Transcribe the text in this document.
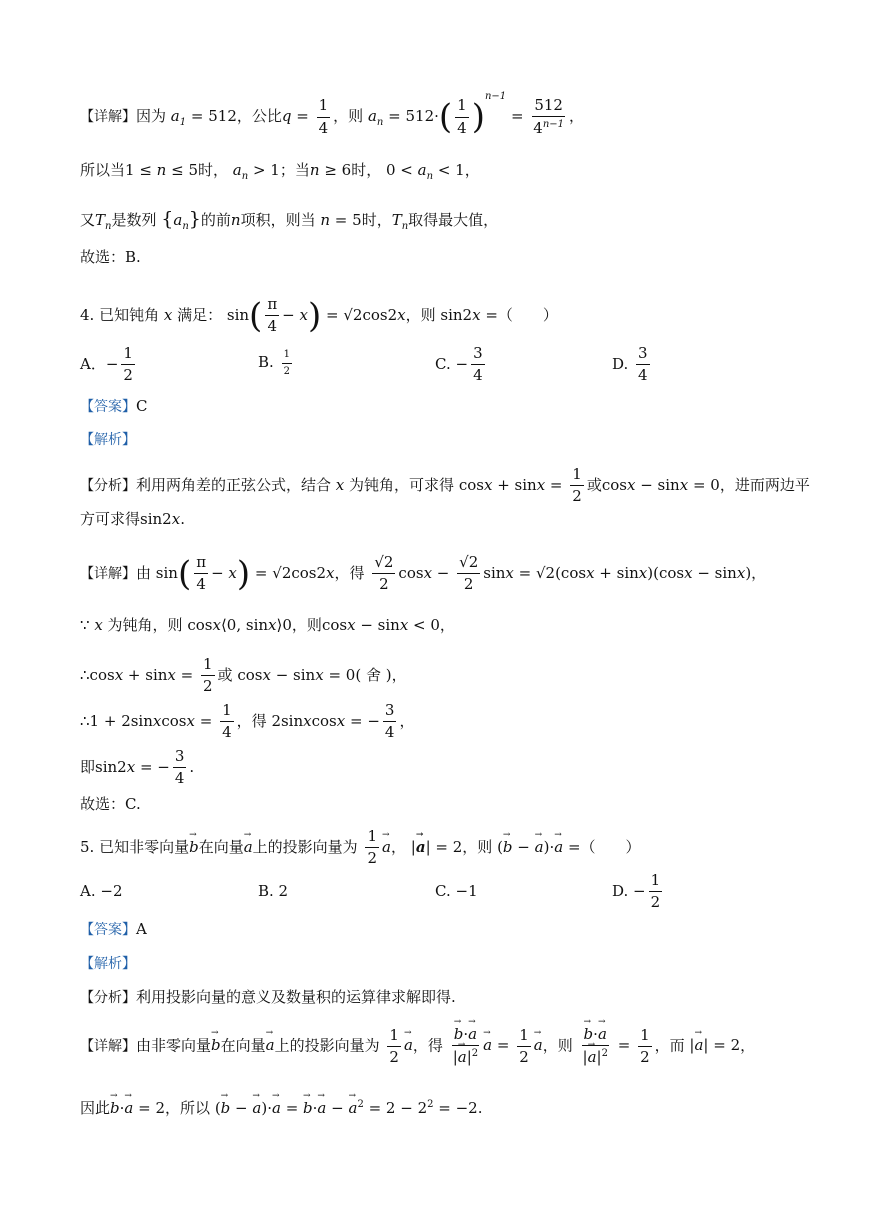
【详解】因为 $a_1 = 512$，公比$q = \frac{1}{4}$ ，则 $a_n = 512\cdot( \frac{1}{4} )^{n-1} = \frac{512}{4^{n-1}}$ ，
所以当1 ≤ n ≤ 5时， $a_n > 1$；当n ≥ 6时， $0 < a_n < 1$，
又$T_n$是数列 $\{a_n\}$的前n项积，则当 n = 5时，$T_n$取得最大值，
故选：B.
4. 已知钝角 x 满足： $\sin( \frac{\pi}{4} - x) = √2\cos 2x$，则 sin2x =（　　）
A．− $\frac{1}{2}$	B. $\frac{1}{2}$	C. − $\frac{3}{4}$	D. $\frac{3}{4}$
【答案】C
【解析】
【分析】利用两角差的正弦公式，结合 x 为钝角，可求得 $\cos x + \sin x = \frac{1}{2}$ 或cosx − sinx = 0，进而两边平
方可求得sin2x.
【详解】由 $\sin( \frac{\pi}{4} - x) = √2\cos 2x$，得 $\frac{√2}{2}$ $\cos x - \frac{√2}{2}$ sinx = √2(cosx + sinx)(cosx − sinx)，
∵ x 为钝角，则 cosx⟨0, sinx⟩0，则cosx − sinx < 0，
∴cosx + $\sin x = \frac{1}{2}$ 或 cosx − sinx = 0( 舍 )，
∴1 + 2sinxcosx = $\frac{1}{4}$ ，得 2sinxcosx = − $\frac{3}{4}$ ，
即sin2x = − $\frac{3}{4}$ .
故选：C.
5. 已知非零向量→ b在向量→ a上的投影向量为 $\frac{1}{2}$
→ a， |→ a| = 2，则 (→ b − → a)·→ a =（　　）
A. −2	B. 2	C. −1	D. − $\frac{1}{2}$
【答案】A
【解析】
【分析】利用投影向量的意义及数量积的运算律求解即得.
【详解】由非零向量→ b在向量→ a上的投影向量为 $\frac{1}{2}$
→ a，得
→ $\frac{b\cdot\to a}{|\to a|^2}$
→ $a = \frac{1}{2}$
→ a，则
→ $\frac{b\cdot\to a}{|\to a|^2} = \frac{1}{2}$ ，而 |→ a| = 2，
因此→ b·→ a = 2，所以 (→ b − → a)·→ a = → b·→ a − → $a^2 = 2 - 2^2 = -2$.
